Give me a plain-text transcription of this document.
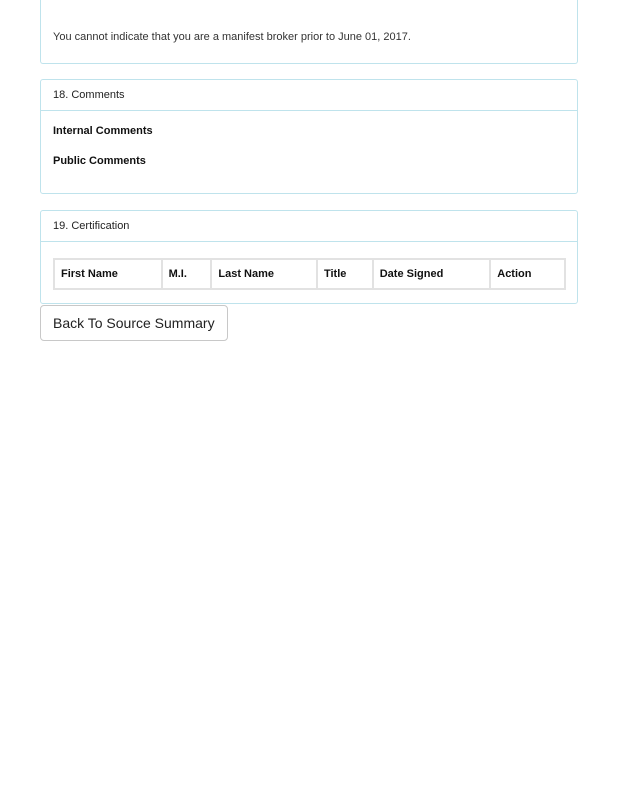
You cannot indicate that you are a manifest broker prior to June 01, 2017.
18. Comments

Internal Comments

Public Comments

19. Certification
First Name	M.I.	Last Name	Title	Date Signed	Action
Back To Source Summary
